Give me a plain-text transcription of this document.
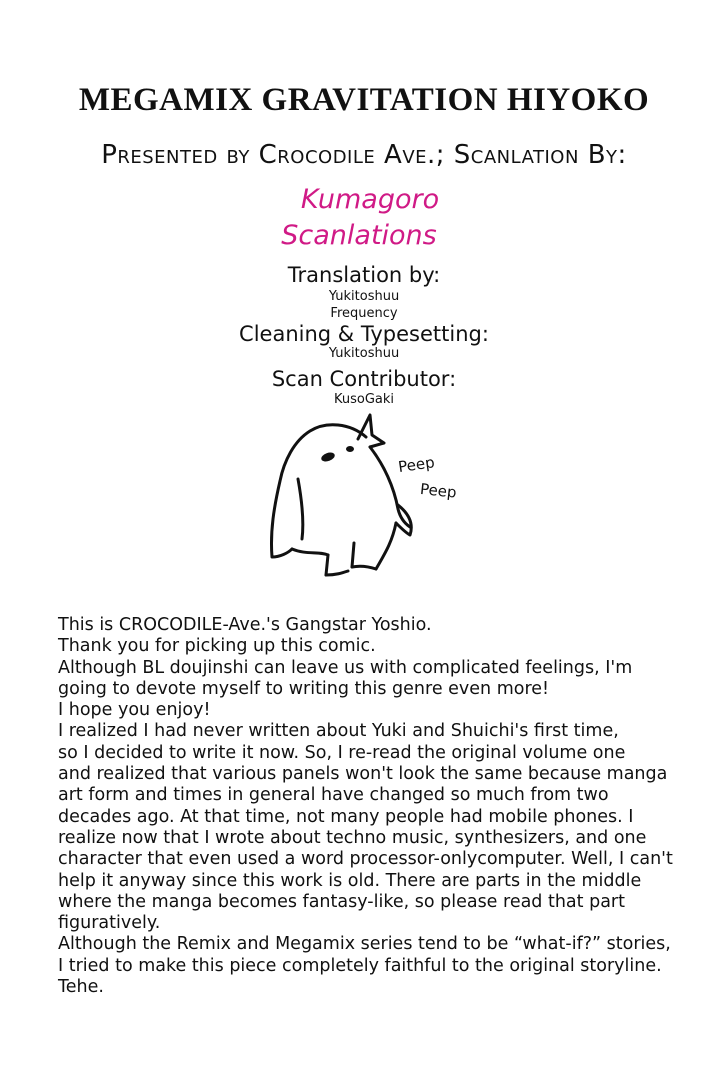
MEGAMIX GRAVITATION HIYOKO
Presented by Crocodile Ave.; Scanlation By:
Kumagoro
Scanlations
Translation by:
Yukitoshuu
Frequency
Cleaning & Typesetting:
Yukitoshuu
Scan Contributor:
KusoGaki
Peep
Peep
This is CROCODILE-Ave.'s Gangstar Yoshio.
Thank you for picking up this comic.
Although BL doujinshi can leave us with complicated feelings, I'm
going to devote myself to writing this genre even more!
I hope you enjoy!
I realized I had never written about Yuki and Shuichi's first time,
so I decided to write it now. So, I re-read the original volume one
and realized that various panels won't look the same because manga
art form and times in general have changed so much from two
decades ago. At that time, not many people had mobile phones. I
realize now that I wrote about techno music, synthesizers, and one
character that even used a word processor-onlycomputer. Well, I can't
help it anyway since this work is old. There are parts in the middle
where the manga becomes fantasy-like, so please read that part
figuratively.
Although the Remix and Megamix series tend to be “what-if?” stories,
I tried to make this piece completely faithful to the original storyline.
Tehe.
